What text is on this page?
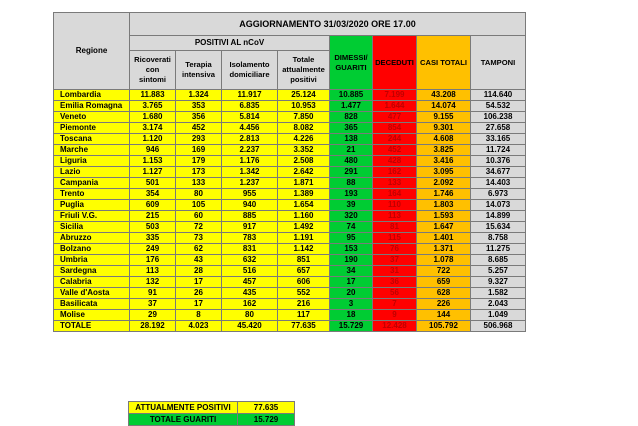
Regione	AGGIORNAMENTO 31/03/2020 ORE 17.00							
	POSITIVI AL nCoV				DIMESSI/ GUARITI	DECEDUTI	CASI TOTALI	TAMPONI
	Ricoverati con sintomi	Terapia intensiva	Isolamento domiciliare	Totale attualmente positivi				
Lombardia	11.883	1.324	11.917	25.124	10.885	7.199	43.208	114.640
Emilia Romagna	3.765	353	6.835	10.953	1.477	1.644	14.074	54.532
Veneto	1.680	356	5.814	7.850	828	477	9.155	106.238
Piemonte	3.174	452	4.456	8.082	365	854	9.301	27.658
Toscana	1.120	293	2.813	4.226	138	244	4.608	33.165
Marche	946	169	2.237	3.352	21	452	3.825	11.724
Liguria	1.153	179	1.176	2.508	480	428	3.416	10.376
Lazio	1.127	173	1.342	2.642	291	162	3.095	34.677
Campania	501	133	1.237	1.871	88	133	2.092	14.403
Trento	354	80	955	1.389	193	164	1.746	6.973
Puglia	609	105	940	1.654	39	110	1.803	14.073
Friuli V.G.	215	60	885	1.160	320	113	1.593	14.899
Sicilia	503	72	917	1.492	74	81	1.647	15.634
Abruzzo	335	73	783	1.191	95	115	1.401	8.758
Bolzano	249	62	831	1.142	153	76	1.371	11.275
Umbria	176	43	632	851	190	37	1.078	8.685
Sardegna	113	28	516	657	34	31	722	5.257
Calabria	132	17	457	606	17	36	659	9.327
Valle d'Aosta	91	26	435	552	20	56	628	1.582
Basilicata	37	17	162	216	3	7	226	2.043
Molise	29	8	80	117	18	9	144	1.049
TOTALE	28.192	4.023	45.420	77.635	15.729	12.428	105.792	506.968
ATTUALMENTE POSITIVI	77.635
TOTALE GUARITI	15.729
